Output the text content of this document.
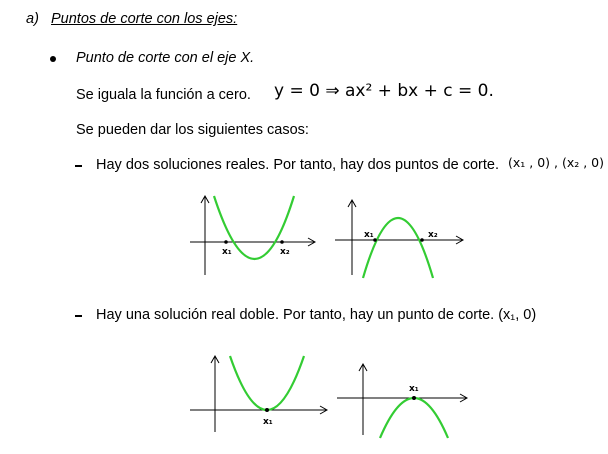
a) Puntos de corte con los ejes:
Punto de corte con el eje X.
Se iguala la función a cero. y = 0 ⇒ ax² + bx + c = 0.
Se pueden dar los siguientes casos:
Hay dos soluciones reales. Por tanto, hay dos puntos de corte. (x₁ , 0) , (x₂ , 0)
x₁	x₂
x₁	x₂
Hay una solución real doble. Por tanto, hay un punto de corte. (x₁, 0)
x₁
x₁
